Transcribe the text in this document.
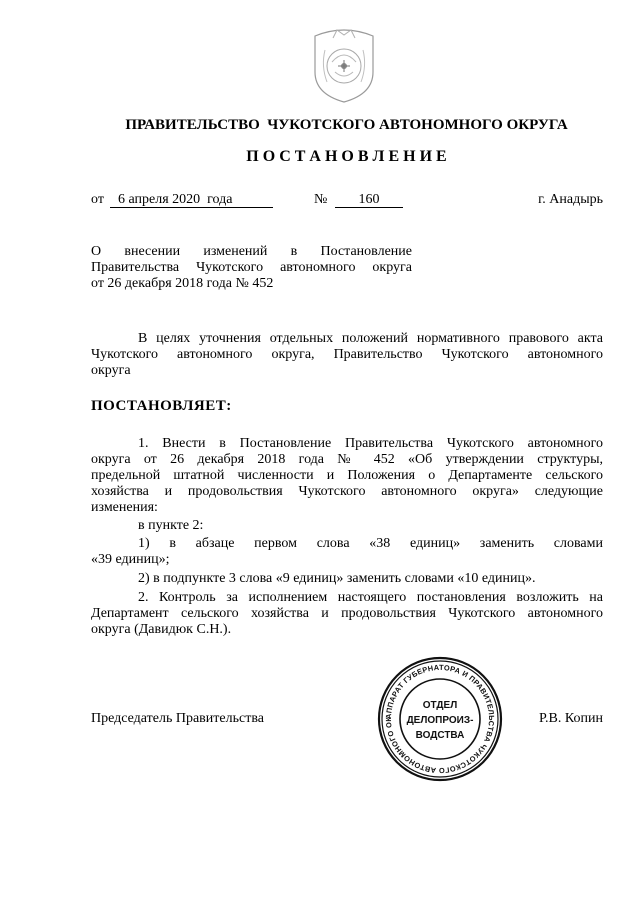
ПРАВИТЕЛЬСТВО  ЧУКОТСКОГО АВТОНОМНОГО ОКРУГА
П О С Т А Н О В Л Е Н И Е
от	6 апреля 2020  года	№	160	г. Анадырь
О внесении изменений в Постановление
Правительства Чукотского автономного округа
от 26 декабря 2018 года № 452
В целях уточнения отдельных положений нормативного правового акта
Чукотского автономного округа, Правительство Чукотского автономного
округа
ПОСТАНОВЛЯЕТ:
1. Внести в Постановление Правительства Чукотского автономного
округа от 26 декабря 2018 года № 452 «Об утверждении структуры,
предельной штатной численности и Положения о Департаменте сельского
хозяйства и продовольствия Чукотского автономного округа» следующие
изменения:
в пункте 2:
1) в абзаце первом слова «38 единиц» заменить словами
«39 единиц»;
2) в подпункте 3 слова «9 единиц» заменить словами «10 единиц».
2. Контроль за исполнением настоящего постановления возложить на
Департамент сельского хозяйства и продовольствия Чукотского автономного
округа (Давидюк С.Н.).
Председатель Правительства	Р.В. Копин
АППАРАТ ГУБЕРНАТОРА И ПРАВИТЕЛЬСТВА ЧУКОТСКОГО АВТОНОМНОГО ОК
ОТДЕЛ
ДЕЛОПРОИЗ-
ВОДСТВА
